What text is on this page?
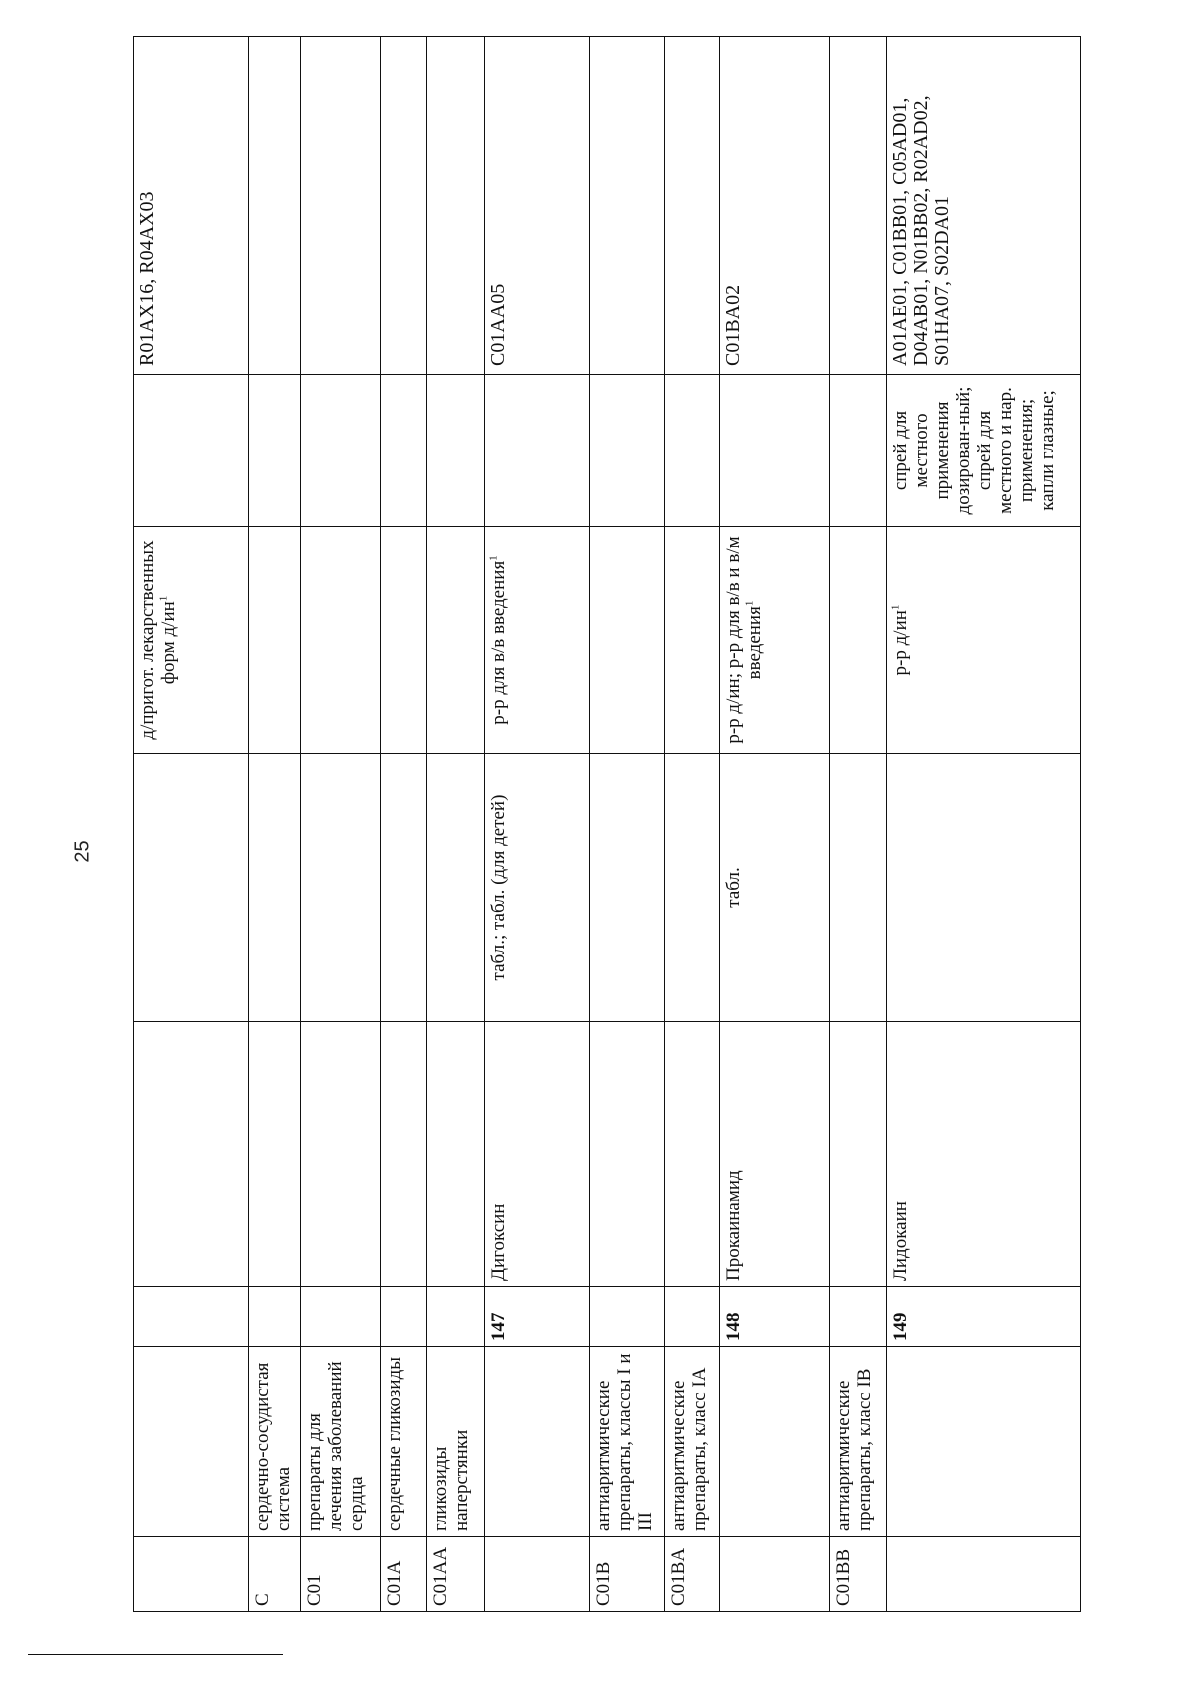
25
					д/пригот. лекарственных форм $д/ин^1$		R01AX16, R04AX03
C	сердечно-сосудистая система						
C01	препараты для лечения заболеваний сердца						
C01A	сердечные гликозиды						
C01AA	гликозиды наперстянки						
		147	Дигоксин	табл.; табл. (для детей)	р-р для в/в введения$^1$		C01AA05
C01B	антиаритмические препараты, классы I и III						
C01BA	антиаритмические препараты, класс IA						
		148	Прокаинамид	табл.	р-р д/ин; р-р для в/в и в/м введения$^1$		C01BA02
C01BB	антиаритмические препараты, класс IB						
		149	Лидокаин		р-р $д/ин^1$	спрей для местного применения дозирован-ный; спрей для местного и нар. применения; капли глазные;	A01AE01, C01BB01, C05AD01, D04AB01, N01BB02, R02AD02, S01HA07, S02DA01
